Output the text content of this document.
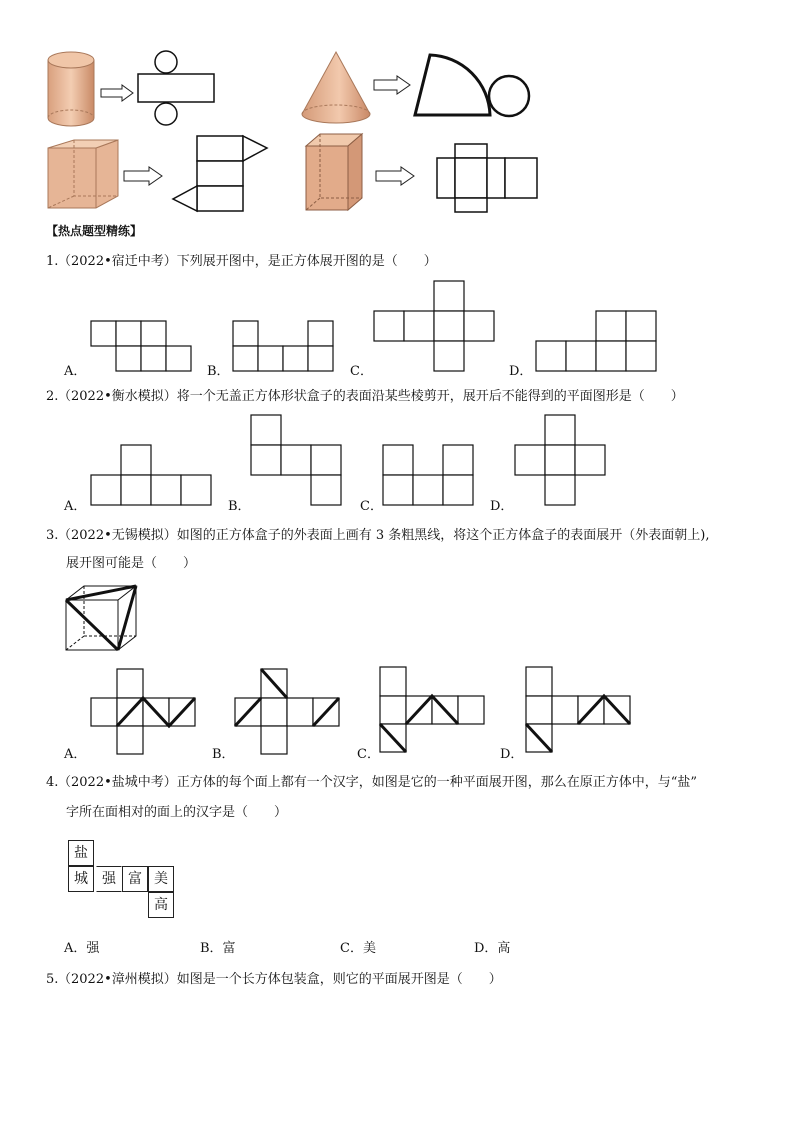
【热点题型精练】
1. （2022•宿迁中考）下列展开图中，是正方体展开图的是（　　）
A．	B．	C．	D．
2. （2022•衡水模拟）将一个无盖正方体形状盒子的表面沿某些棱剪开，展开后不能得到的平面图形是（　　）
A．	B．	C．	D．
3. （2022•无锡模拟）如图的正方体盒子的外表面上画有 3 条粗黑线，将这个正方体盒子的表面展开（外表面朝上),
展开图可能是（　　）
A．	B．	C．	D．
4. （2022•盐城中考）正方体的每个面上都有一个汉字，如图是它的一种平面展开图，那么在原正方体中，与“盐”
字所在面相对的面上的汉字是（　　）
盐
城	强 富 美
高
A．强	B．富	C．美	D．高
5. （2022•漳州模拟）如图是一个长方体包装盒，则它的平面展开图是（　　）
